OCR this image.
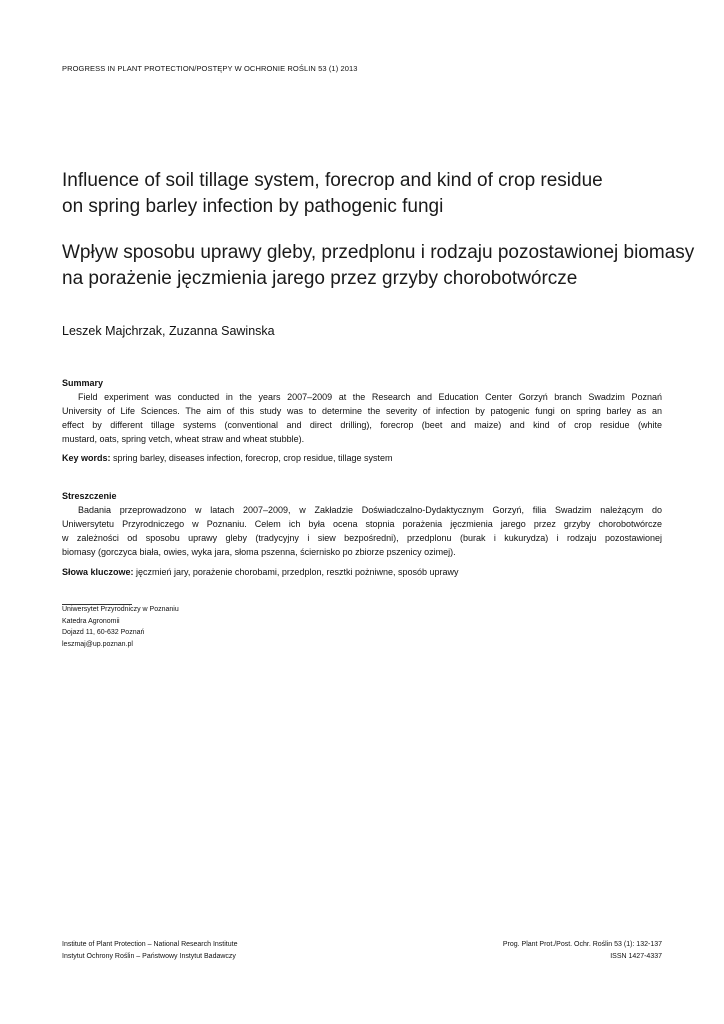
PROGRESS IN PLANT PROTECTION/POSTĘPY W OCHRONIE ROŚLIN 53 (1) 2013
Influence of soil tillage system, forecrop and kind of crop residue
on spring barley infection by pathogenic fungi
Wpływ sposobu uprawy gleby, przedplonu i rodzaju pozostawionej biomasy
na porażenie jęczmienia jarego przez grzyby chorobotwórcze
Leszek Majchrzak, Zuzanna Sawinska
Summary
Field experiment was conducted in the years 2007–2009 at the Research and Education Center Gorzyń branch Swadzim Poznań
University of Life Sciences. The aim of this study was to determine the severity of infection by patogenic fungi on spring barley as an
effect by different tillage systems (conventional and direct drilling), forecrop (beet and maize) and kind of crop residue (white
mustard, oats, spring vetch, wheat straw and wheat stubble).
Key words: spring barley, diseases infection, forecrop, crop residue, tillage system
Streszczenie
Badania przeprowadzono w latach 2007–2009, w Zakładzie Doświadczalno-Dydaktycznym Gorzyń, filia Swadzim należącym do
Uniwersytetu Przyrodniczego w Poznaniu. Celem ich była ocena stopnia porażenia jęczmienia jarego przez grzyby chorobotwórcze
w zależności od sposobu uprawy gleby (tradycyjny i siew bezpośredni), przedplonu (burak i kukurydza) i rodzaju pozostawionej
biomasy (gorczyca biała, owies, wyka jara, słoma pszenna, ściernisko po zbiorze pszenicy ozimej).
Słowa kluczowe: jęczmień jary, porażenie chorobami, przedplon, resztki pożniwne, sposób uprawy
Uniwersytet Przyrodniczy w Poznaniu
Katedra Agronomii
Dojazd 11, 60-632 Poznań
leszmaj@up.poznan.pl
Institute of Plant Protection – National Research Institute
Instytut Ochrony Roślin – Państwowy Instytut Badawczy
Prog. Plant Prot./Post. Ochr. Roślin 53 (1): 132-137
ISSN 1427-4337
